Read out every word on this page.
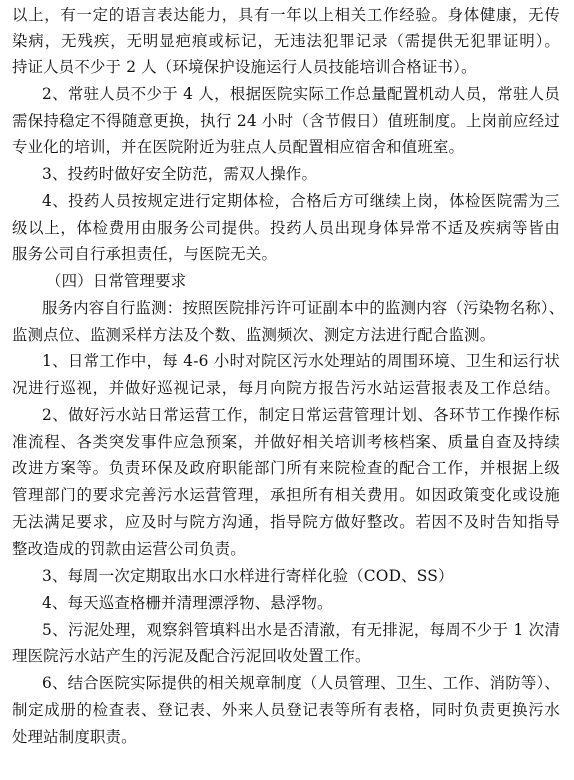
以上，有一定的语言表达能力，具有一年以上相关工作经验。身体健康，无传
染病，无残疾，无明显疤痕或标记，无违法犯罪记录（需提供无犯罪证明）。
持证人员不少于 2 人（环境保护设施运行人员技能培训合格证书）。
2、常驻人员不少于 4 人，根据医院实际工作总量配置机动人员，常驻人员
需保持稳定不得随意更换，执行 24 小时（含节假日）值班制度。上岗前应经过
专业化的培训，并在医院附近为驻点人员配置相应宿舍和值班室。
3、投药时做好安全防范，需双人操作。
4、投药人员按规定进行定期体检，合格后方可继续上岗，体检医院需为三
级以上，体检费用由服务公司提供。投药人员出现身体异常不适及疾病等皆由
服务公司自行承担责任，与医院无关。
（四）日常管理要求
服务内容自行监测：按照医院排污许可证副本中的监测内容（污染物名称）、
监测点位、监测采样方法及个数、监测频次、测定方法进行配合监测。
1、日常工作中，每 4-6 小时对院区污水处理站的周围环境、卫生和运行状
况进行巡视，并做好巡视记录，每月向院方报告污水站运营报表及工作总结。
2、做好污水站日常运营工作，制定日常运营管理计划、各环节工作操作标
准流程、各类突发事件应急预案，并做好相关培训考核档案、质量自查及持续
改进方案等。负责环保及政府职能部门所有来院检查的配合工作，并根据上级
管理部门的要求完善污水运营管理，承担所有相关费用。如因政策变化或设施
无法满足要求，应及时与院方沟通，指导院方做好整改。若因不及时告知指导
整改造成的罚款由运营公司负责。
3、每周一次定期取出水口水样进行寄样化验（COD、SS）
4、每天巡查格栅并清理漂浮物、悬浮物。
5、污泥处理，观察斜管填料出水是否清澈，有无排泥，每周不少于 1 次清
理医院污水站产生的污泥及配合污泥回收处置工作。
6、结合医院实际提供的相关规章制度（人员管理、卫生、工作、消防等）、
制定成册的检查表、登记表、外来人员登记表等所有表格，同时负责更换污水
处理站制度职责。
